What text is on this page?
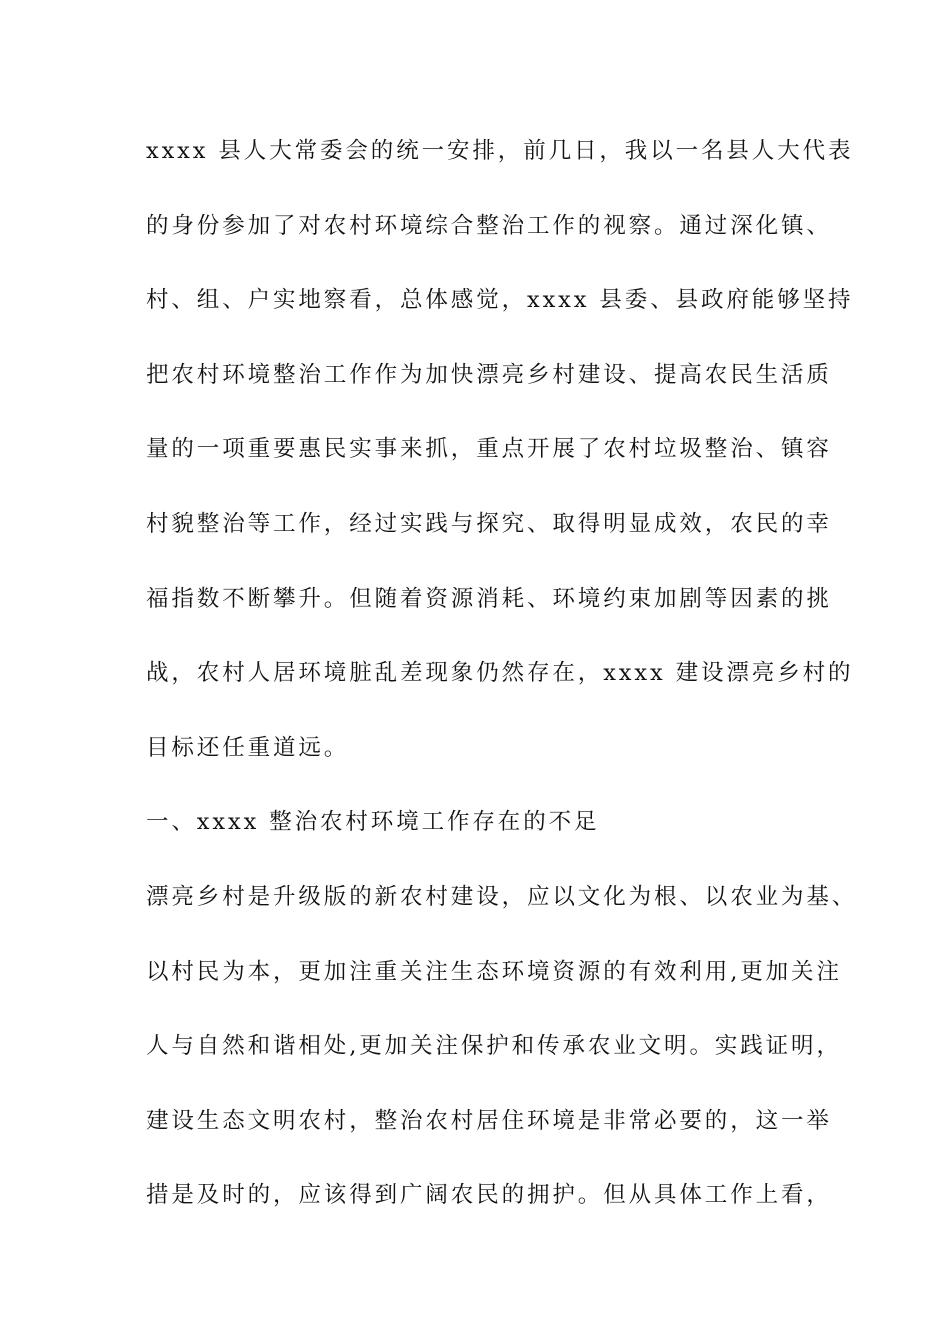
xxxx 县人大常委会的统一安排，前几日，我以一名县人大代表
的身份参加了对农村环境综合整治工作的视察。通过深化镇、
村、组、户实地察看，总体感觉，xxxx 县委、县政府能够坚持
把农村环境整治工作作为加快漂亮乡村建设、提高农民生活质
量的一项重要惠民实事来抓，重点开展了农村垃圾整治、镇容
村貌整治等工作，经过实践与探究、取得明显成效，农民的幸
福指数不断攀升。但随着资源消耗、环境约束加剧等因素的挑
战，农村人居环境脏乱差现象仍然存在，xxxx 建设漂亮乡村的
目标还任重道远。
一、xxxx 整治农村环境工作存在的不足
漂亮乡村是升级版的新农村建设，应以文化为根、以农业为基、
以村民为本，更加注重关注生态环境资源的有效利用,更加关注
人与自然和谐相处,更加关注保护和传承农业文明。实践证明，
建设生态文明农村，整治农村居住环境是非常必要的，这一举
措是及时的，应该得到广阔农民的拥护。但从具体工作上看，
